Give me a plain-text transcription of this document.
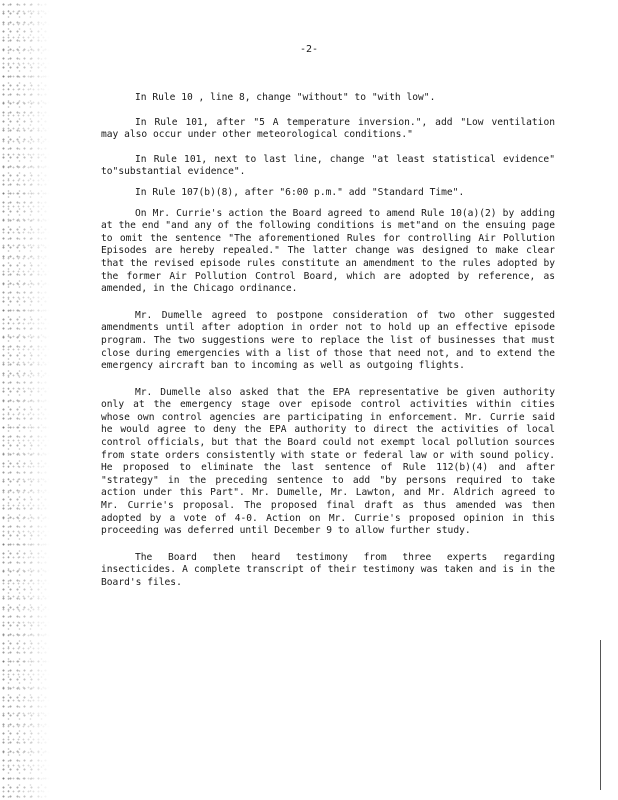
-2-

In Rule 10 , line 8, change "without" to "with low".

In Rule 101, after "5 A temperature inversion.", add "Low ventilation may also occur under other meteorological conditions."

In Rule 101, next to last line, change "at least statistical evidence" to"substantial evidence".

In Rule 107(b)(8), after "6:00 p.m." add "Standard Time".

On Mr. Currie's action the Board agreed to amend Rule 10(a)(2) by adding at the end "and any of the following conditions is met"and on the ensuing page to omit the sentence "The aforementioned Rules for controlling Air Pollution Episodes are hereby repealed." The latter change was designed to make clear that the revised episode rules constitute an amendment to the rules adopted by the former Air Pollution Control Board, which are adopted by reference, as amended, in the Chicago ordinance.

Mr. Dumelle agreed to postpone consideration of two other suggested amendments until after adoption in order not to hold up an effective episode program. The two suggestions were to replace the list of businesses that must close during emergencies with a list of those that need not, and to extend the emergency aircraft ban to incoming as well as outgoing flights.

Mr. Dumelle also asked that the EPA representative be given authority only at the emergency stage over episode control activities within cities whose own control agencies are participating in enforcement. Mr. Currie said he would agree to deny the EPA authority to direct the activities of local control officials, but that the Board could not exempt local pollution sources from state orders consistently with state or federal law or with sound policy. He proposed to eliminate the last sentence of Rule 112(b)(4) and after "strategy" in the preceding sentence to add "by persons required to take action under this Part". Mr. Dumelle, Mr. Lawton, and Mr. Aldrich agreed to Mr. Currie's proposal. The proposed final draft as thus amended was then adopted by a vote of 4-0. Action on Mr. Currie's proposed opinion in this proceeding was deferred until December 9 to allow further study.

The Board then heard testimony from three experts regarding insecticides. A complete transcript of their testimony was taken and is in the Board's files.
